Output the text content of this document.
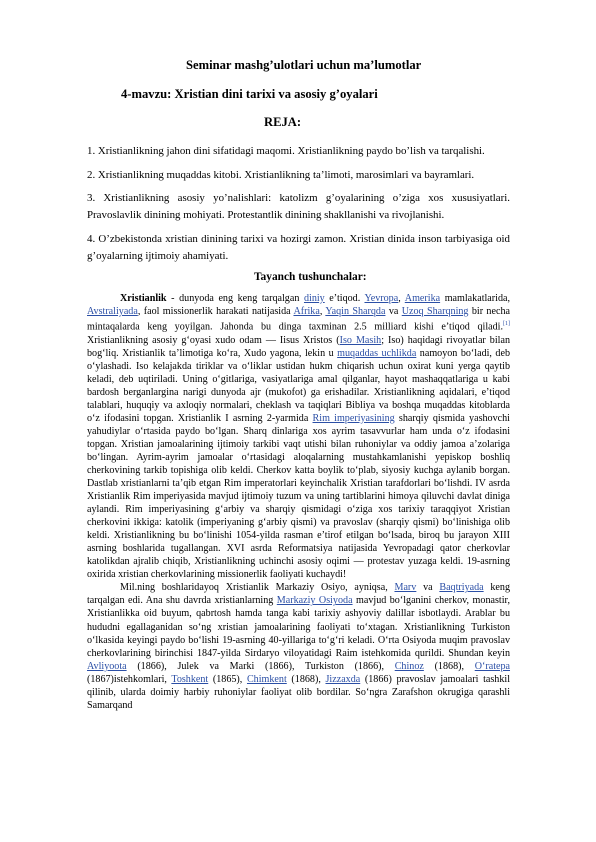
Seminar mashg’ulotlari uchun ma’lumotlar
4-mavzu: Xristian dini tarixi va asosiy g’oyalari
REJA:
1. Xristianlikning jahon dini sifatidagi maqomi. Xristianlikning paydo bo’lish va tarqalishi.
2. Xristianlikning muqaddas kitobi. Xristianlikning ta’limoti, marosimlari va bayramlari.
3. Xristianlikning asosiy yo’nalishlari: katolizm g’oyalarining o’ziga xos xususiyatlari. Pravoslavlik dinining mohiyati. Protestantlik dinining shakllanishi va rivojlanishi.
4. O’zbekistonda xristian dinining tarixi va hozirgi zamon. Xristian dinida inson tarbiyasiga oid g’oyalarning ijtimoiy ahamiyati.
Tayanch tushunchalar:

Xristianlik - dunyoda eng keng tarqalgan diniy e’tiqod. Yevropa, Amerika mamlakatlarida, Avstraliyada, faol missionerlik harakati natijasida Afrika, Yaqin Sharqda va Uzoq Sharqning bir necha mintaqalarda keng yoyilgan. Jahonda bu dinga taxminan 2.5 milliard kishi e’tiqod qiladi.[1] Xristianlikning asosiy g‘oyasi xudo odam — Iisus Xristos (Iso Masih; Iso) haqidagi rivoyatlar bilan bog‘liq. Xristianlik ta’limotiga ko‘ra, Xudo yagona, lekin u muqaddas uchlikda namoyon bo‘ladi, deb o‘ylashadi. Iso kelajakda tiriklar va o‘liklar ustidan hukm chiqarish uchun oxirat kuni yerga qaytib keladi, deb uqtiriladi. Uning o‘gitlariga, vasiyatlariga amal qilganlar, hayot mashaqqatlariga u kabi bardosh berganlargina narigi dunyoda ajr (mukofot) ga erishadilar. Xristianlikning aqidalari, e’tiqod talablari, huquqiy va axloqiy normalari, cheklash va taqiqlari Bibliya va boshqa muqaddas kitoblarda o‘z ifodasini topgan. Xristianlik I asrning 2-yarmida Rim imperiyasining sharqiy qismida yashovchi yahudiylar o‘rtasida paydo bo‘lgan. Sharq dinlariga xos ayrim tasavvurlar ham unda o‘z ifodasini topgan. Xristian jamoalarining ijtimoiy tarkibi vaqt utishi bilan ruhoniylar va oddiy jamoa a’zolariga bo‘lingan. Ayrim-ayrim jamoalar o‘rtasidagi aloqalarning mustahkamlanishi yepiskop boshliq cherkovining tarkib topishiga olib keldi. Cherkov katta boylik to‘plab, siyosiy kuchga aylanib borgan. Dastlab xristianlarni ta’qib etgan Rim imperatorlari keyinchalik Xristian tarafdorlari bo‘lishdi. IV asrda Xristianlik Rim imperiyasida mavjud ijtimoiy tuzum va uning tartiblarini himoya qiluvchi davlat diniga aylandi. Rim imperiyasining g‘arbiy va sharqiy qismidagi o‘ziga xos tarixiy taraqqiyot Xristian cherkovini ikkiga: katolik (imperiyaning g‘arbiy qismi) va pravoslav (sharqiy qismi) bo‘linishiga olib keldi. Xristianlikning bu bo‘linishi 1054-yilda rasman e’tirof etilgan bo‘lsada, biroq bu jarayon XIII asrning boshlarida tugallangan. XVI asrda Reformatsiya natijasida Yevropadagi qator cherkovlar katolikdan ajralib chiqib, Xristianlikning uchinchi asosiy oqimi — protestav yuzaga keldi. 19-asrning oxirida xristian cherkovlarining missionerlik faoliyati kuchaydi!

Mil.ning boshlaridayoq Xristianlik Markaziy Osiyo, ayniqsa, Marv va Baqtriyada keng tarqalgan edi. Ana shu davrda xristianlarning Markaziy Osiyoda mavjud bo‘lganini cherkov, monastir, Xristianlikka oid buyum, qabrtosh hamda tanga kabi tarixiy ashyoviy dalillar isbotlaydi. Arablar bu hududni egallaganidan so‘ng xristian jamoalarining faoliyati to‘xtagan. Xristianlikning Turkiston o‘lkasida keyingi paydo bo‘lishi 19-asrning 40-yillariga to‘g‘ri keladi. O‘rta Osiyoda muqim pravoslav cherkovlarining birinchisi 1847-yilda Sirdaryo viloyatidagi Raim istehkomida qurildi. Shundan keyin Avliyoota (1866), Julek va Marki (1866), Turkiston (1866), Chinoz (1868), O‘ratepa (1867)istehkomlari, Toshkent (1865), Chimkent (1868), Jizzaxda (1866) pravoslav jamoalari tashkil qilinib, ularda doimiy harbiy ruhoniylar faoliyat olib bordilar. So‘ngra Zarafshon okrugiga qarashli Samarqand
